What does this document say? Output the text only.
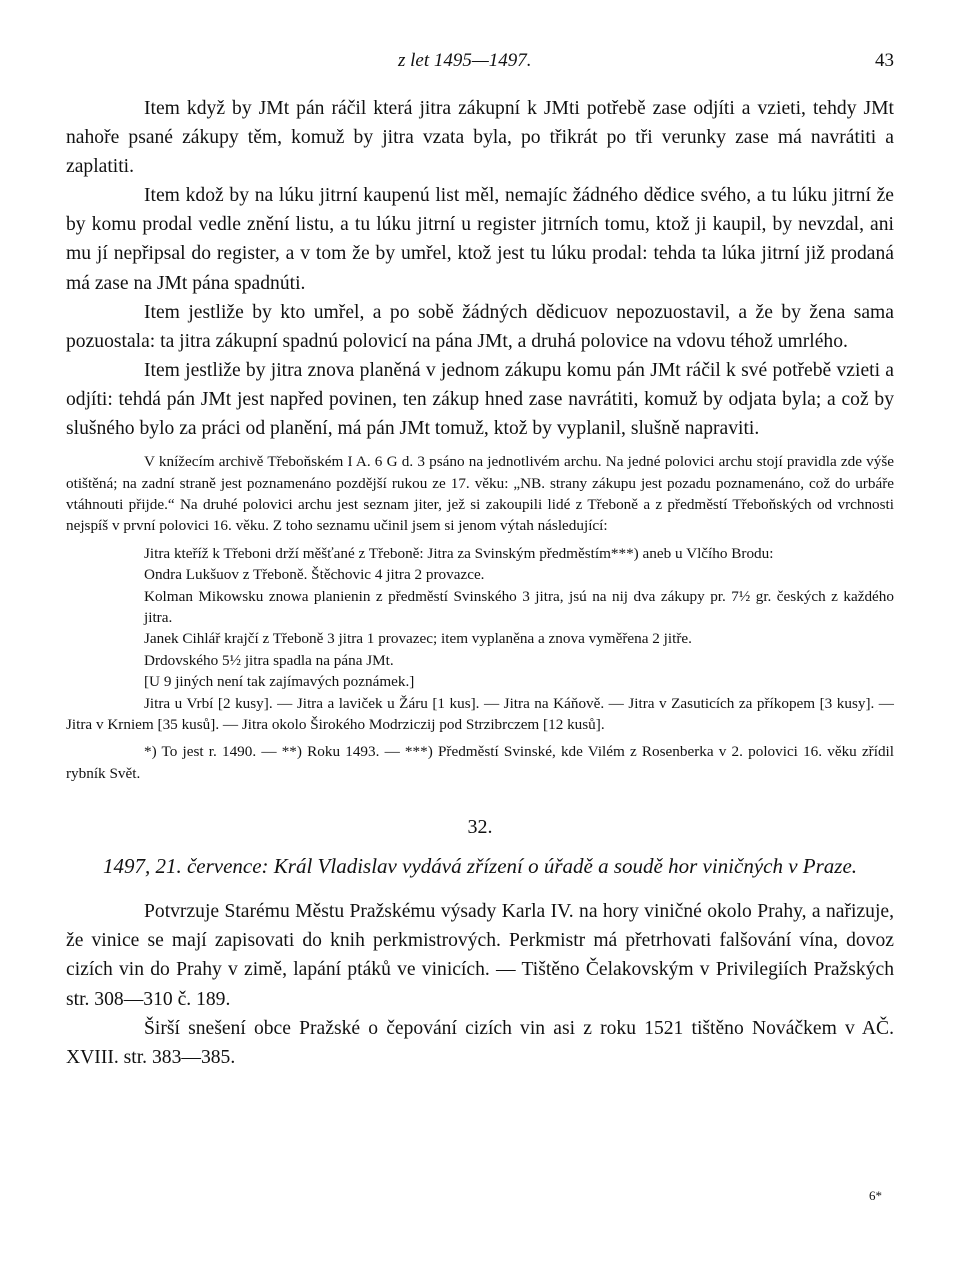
z let 1495—1497.	43

Item když by JMt pán ráčil která jitra zákupní k JMti potřebě zase odjíti a vzieti, tehdy JMt nahoře psané zákupy těm, komuž by jitra vzata byla, po třikrát po tři verunky zase má navrátiti a zaplatiti.

Item kdož by na lúku jitrní kaupenú list měl, nemajíc žádného dědice svého, a tu lúku jitrní že by komu prodal vedle znění listu, a tu lúku jitrní u register jitrních tomu, ktož ji kaupil, by nevzdal, ani mu jí nepřipsal do register, a v tom že by umřel, ktož jest tu lúku prodal: tehda ta lúka jitrní již prodaná má zase na JMt pána spadnúti.

Item jestliže by kto umřel, a po sobě žádných dědicuov nepozuostavil, a že by žena sama pozuostala: ta jitra zákupní spadnú polovicí na pána JMt, a druhá polovice na vdovu téhož umrlého.

Item jestliže by jitra znova planěná v jednom zákupu komu pán JMt ráčil k své potřebě vzieti a odjíti: tehdá pán JMt jest napřed povinen, ten zákup hned zase navrátiti, komuž by odjata byla; a což by slušného bylo za práci od planění, má pán JMt tomuž, ktož by vyplanil, slušně napraviti.

V knížecím archivě Třeboňském I A. 6 G d. 3 psáno na jednotlivém archu. Na jedné polovici archu stojí pravidla zde výše otištěná; na zadní straně jest poznamenáno pozdější rukou ze 17. věku: „NB. strany zákupu jest pozadu poznamenáno, což do urbáře vtáhnouti přijde.“ Na druhé polovici archu jest seznam jiter, jež si zakoupili lidé z Třeboně a z předměstí Třeboňských od vrchnosti nejspíš v první polovici 16. věku. Z toho seznamu učinil jsem si jenom výtah následující:

Jitra kteříž k Třeboni drží měšťané z Třeboně: Jitra za Svinským předměstím***) aneb u Vlčího Brodu:

Ondra Lukšuov z Třeboně. Štěchovic 4 jitra 2 provazce.

Kolman Mikowsku znowa planienin z předměstí Svinského 3 jitra, jsú na nij dva zákupy pr. 7½ gr. českých z každého jitra.

Janek Cihlář krajčí z Třeboně 3 jitra 1 provazec; item vyplaněna a znova vyměřena 2 jitře.

Drdovského 5½ jitra spadla na pána JMt.

[U 9 jiných není tak zajímavých poznámek.]

Jitra u Vrbí [2 kusy]. — Jitra a laviček u Žáru [1 kus]. — Jitra na Káňově. — Jitra v Zasuticích za příkopem [3 kusy]. — Jitra v Krniem [35 kusů]. — Jitra okolo Širokého Modrziczij pod Strzibrczem [12 kusů].

*) To jest r. 1490. — **) Roku 1493. — ***) Předměstí Svinské, kde Vilém z Rosenberka v 2. polovici 16. věku zřídil rybník Svět.

32.
1497, 21. července: Král Vladislav vydává zřízení o úřadě a soudě hor viničných v Praze.

Potvrzuje Starému Městu Pražskému výsady Karla IV. na hory viničné okolo Prahy, a nařizuje, že vinice se mají zapisovati do knih perkmistrových. Perkmistr má přetrhovati falšování vína, dovoz cizích vin do Prahy v zimě, lapání ptáků ve vinicích. — Tištěno Čelakovským v Privilegiích Pražských str. 308—310 č. 189.

Širší snešení obce Pražské o čepování cizích vin asi z roku 1521 tištěno Nováčkem v AČ. XVIII. str. 383—385.

6*
